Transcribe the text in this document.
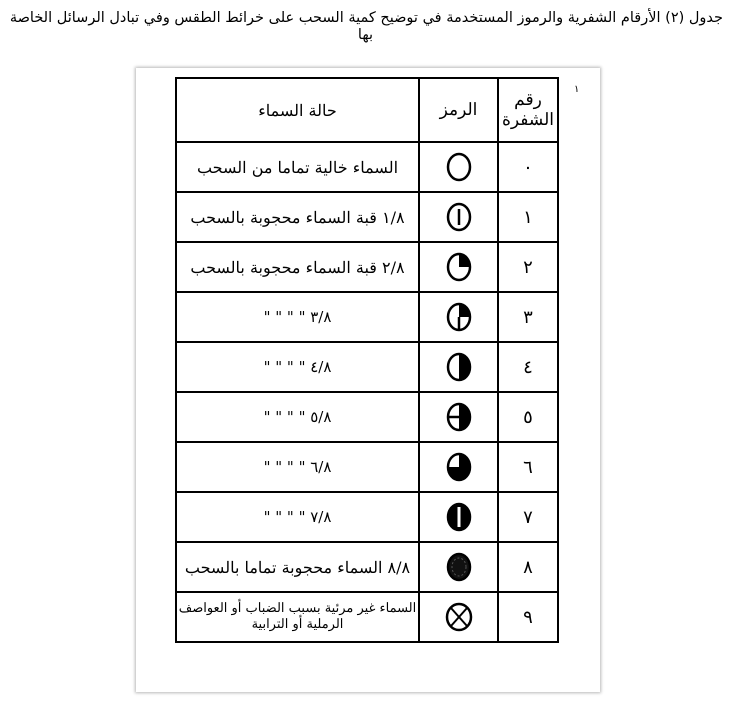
جدول (٢) الأرقام الشفرية والرموز المستخدمة في توضيح كمية السحب على خرائط الطقس وفي تبادل الرسائل الخاصة
بها
١
حالة السماء	الرمز	رقم الشفرة
السماء خالية تماما من السحب		٠
١/٨ قبة السماء محجوبة بالسحب		١
٢/٨ قبة السماء محجوبة بالسحب		٢
٣/٨ " " " "		٣
٤/٨ " " " "		٤
٥/٨ " " " "		٥
٦/٨ " " " "		٦
٧/٨ " " " "		٧
٨/٨ السماء محجوبة تماما بالسحب		٨
السماء غير مرئية بسبب الضباب أو العواصف الرملية أو الترابية		٩
